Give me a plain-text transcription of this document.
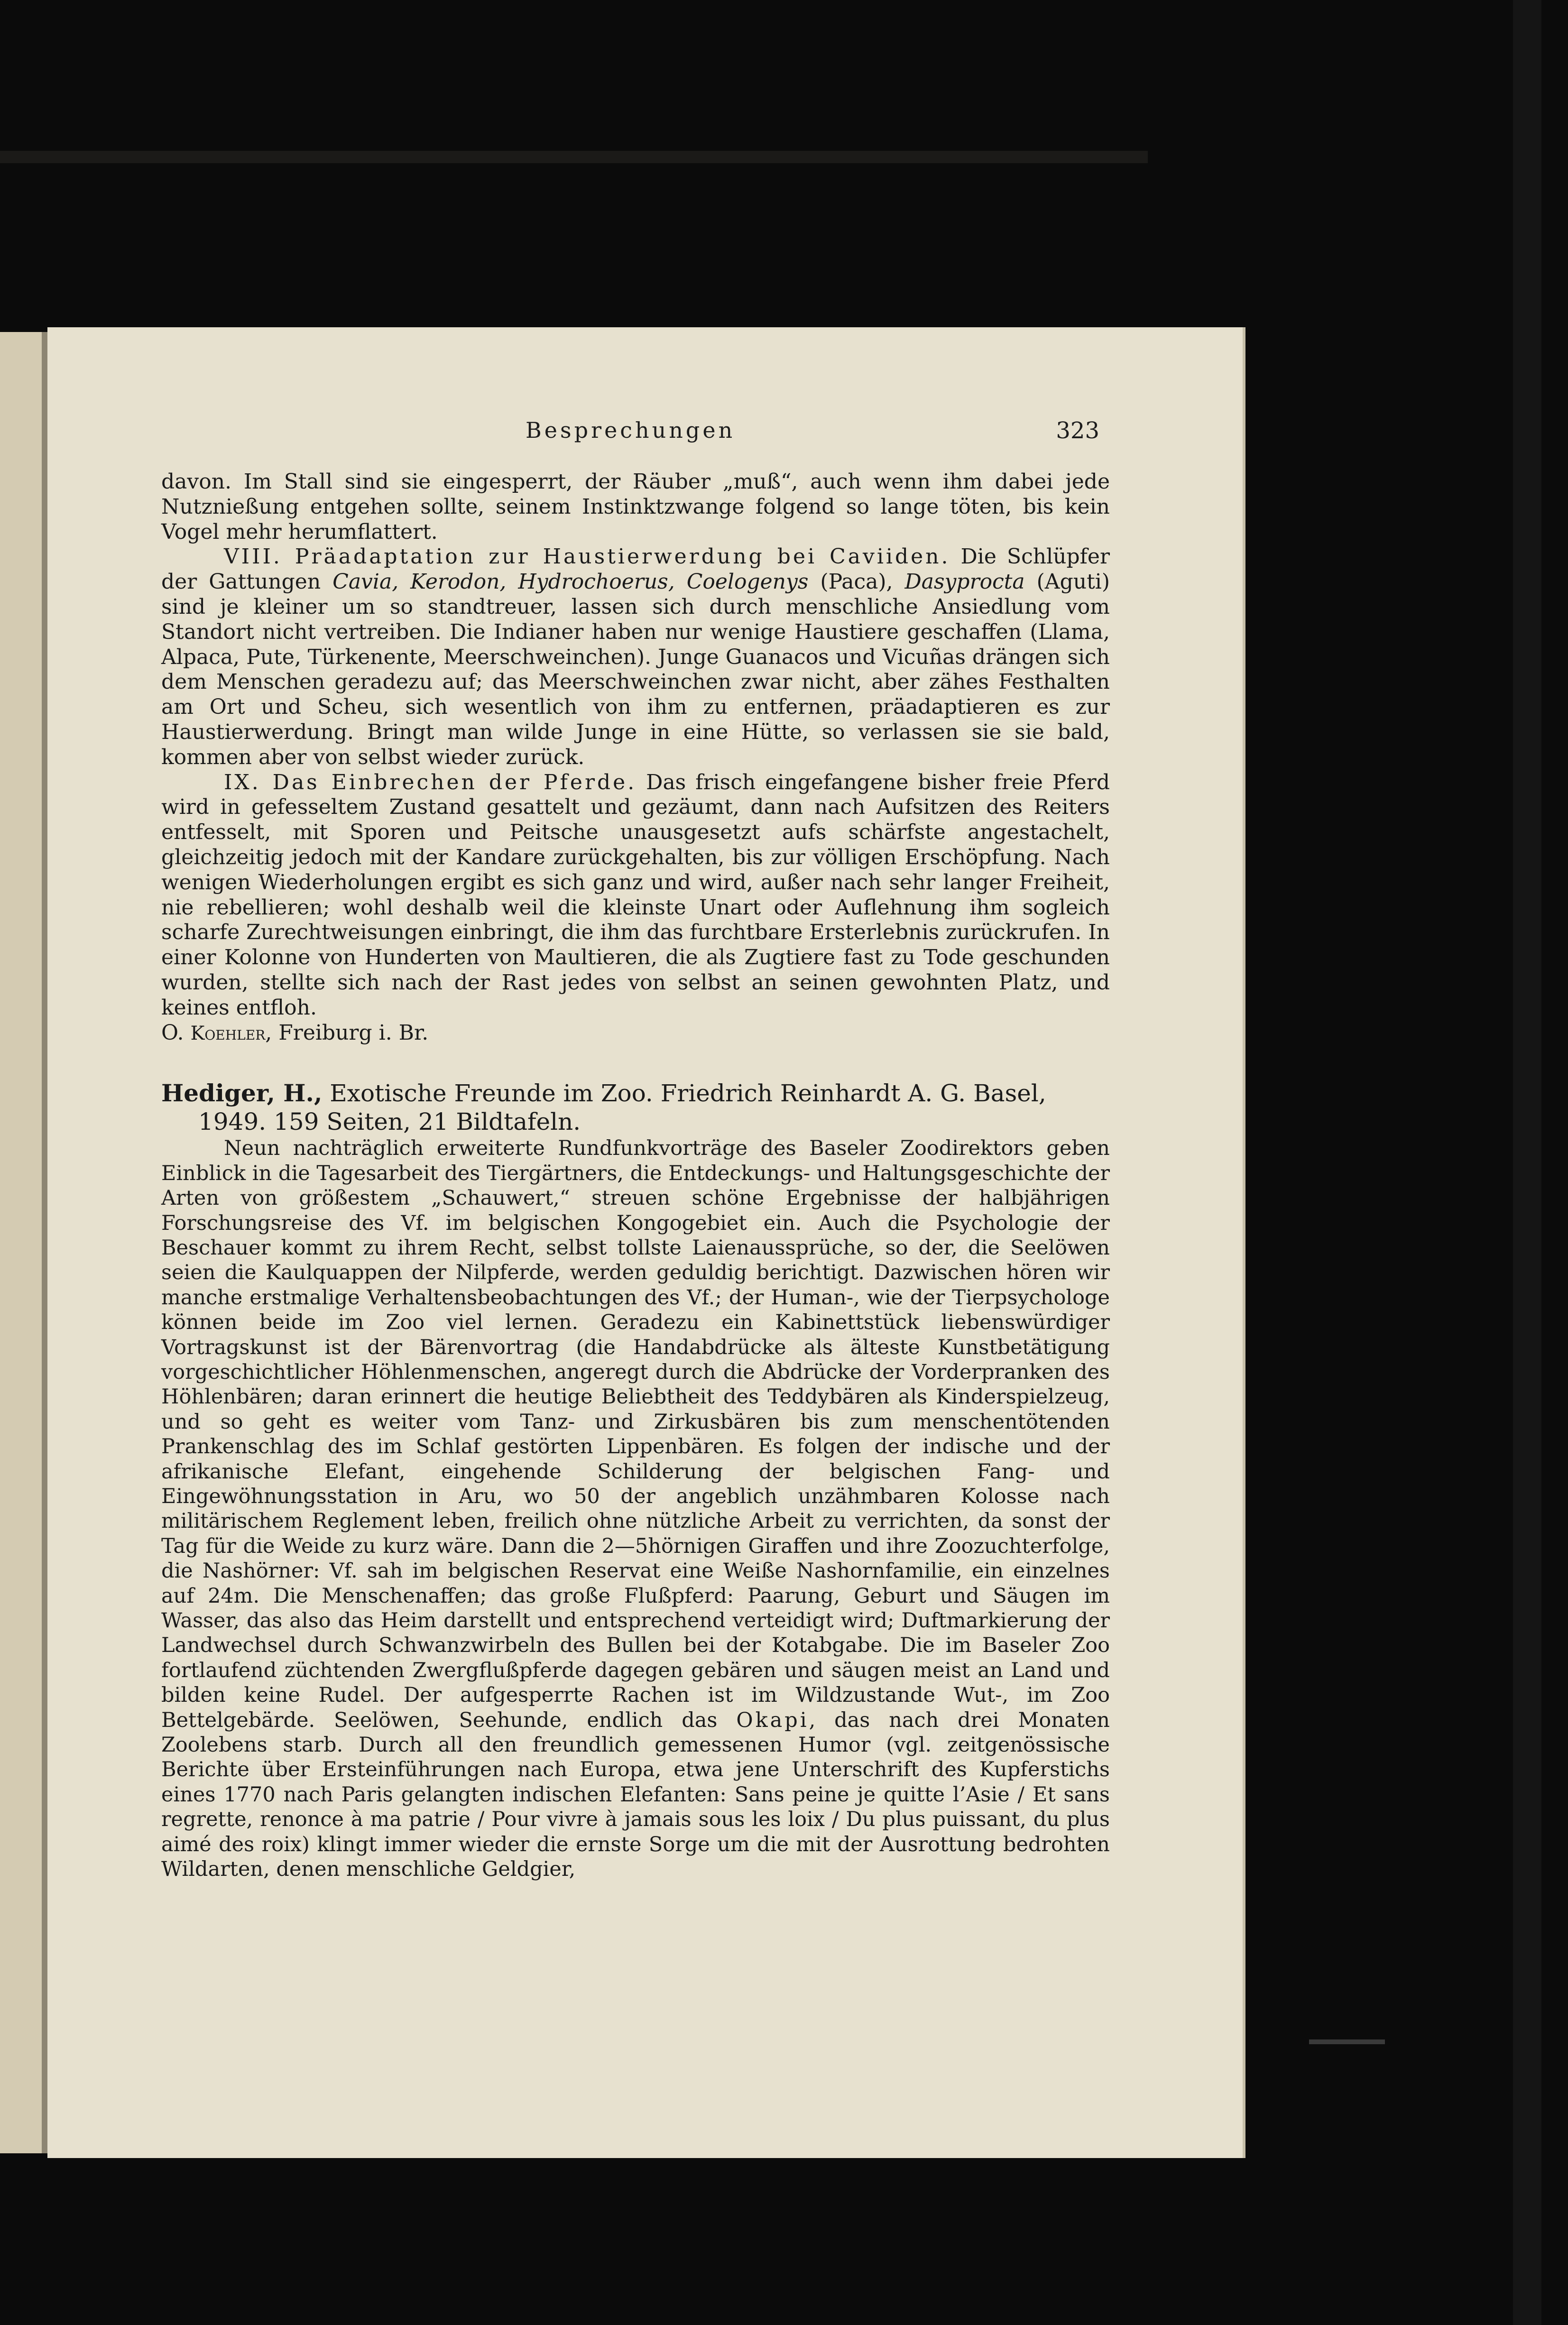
Besprechungen	323

davon. Im Stall sind sie eingesperrt, der Räuber „muß“, auch wenn ihm dabei jede Nutznießung entgehen sollte, seinem Instinktzwange folgend so lange töten, bis kein Vogel mehr herumflattert.

VIII. Präadaptation zur Haustierwerdung bei Caviiden. Die Schlüpfer der Gattungen Cavia, Kerodon, Hydrochoerus, Coelogenys (Paca), Dasyprocta (Aguti) sind je kleiner um so standtreuer, lassen sich durch menschliche Ansiedlung vom Standort nicht vertreiben. Die Indianer haben nur wenige Haustiere geschaffen (Llama, Alpaca, Pute, Türkenente, Meerschweinchen). Junge Guanacos und Vicuñas drängen sich dem Menschen geradezu auf; das Meerschweinchen zwar nicht, aber zähes Festhalten am Ort und Scheu, sich wesentlich von ihm zu entfernen, präadaptieren es zur Haustierwerdung. Bringt man wilde Junge in eine Hütte, so verlassen sie sie bald, kommen aber von selbst wieder zurück.

IX. Das Einbrechen der Pferde. Das frisch eingefangene bisher freie Pferd wird in gefesseltem Zustand gesattelt und gezäumt, dann nach Aufsitzen des Reiters entfesselt, mit Sporen und Peitsche unausgesetzt aufs schärfste angestachelt, gleichzeitig jedoch mit der Kandare zurückgehalten, bis zur völligen Erschöpfung. Nach wenigen Wiederholungen ergibt es sich ganz und wird, außer nach sehr langer Freiheit, nie rebellieren; wohl deshalb weil die kleinste Unart oder Auflehnung ihm sogleich scharfe Zurechtweisungen einbringt, die ihm das furchtbare Ersterlebnis zurückrufen. In einer Kolonne von Hunderten von Maultieren, die als Zugtiere fast zu Tode geschunden wurden, stellte sich nach der Rast jedes von selbst an seinen gewohnten Platz, und keines entfloh.

O. Koehler, Freiburg i. Br.

Hediger, H., Exotische Freunde im Zoo. Friedrich Reinhardt A. G. Basel,
1949. 159 Seiten, 21 Bildtafeln.

Neun nachträglich erweiterte Rundfunkvorträge des Baseler Zoodirektors geben Einblick in die Tagesarbeit des Tiergärtners, die Entdeckungs- und Haltungsgeschichte der Arten von größestem „Schauwert,“ streuen schöne Ergebnisse der halbjährigen Forschungsreise des Vf. im belgischen Kongogebiet ein. Auch die Psychologie der Beschauer kommt zu ihrem Recht, selbst tollste Laienaussprüche, so der, die Seelöwen seien die Kaulquappen der Nilpferde, werden geduldig berichtigt. Dazwischen hören wir manche erstmalige Verhaltensbeobachtungen des Vf.; der Human-, wie der Tierpsychologe können beide im Zoo viel lernen. Geradezu ein Kabinettstück liebenswürdiger Vortragskunst ist der Bärenvortrag (die Handabdrücke als älteste Kunstbetätigung vorgeschichtlicher Höhlenmenschen, angeregt durch die Abdrücke der Vorderpranken des Höhlenbären; daran erinnert die heutige Beliebtheit des Teddybären als Kinderspielzeug, und so geht es weiter vom Tanz- und Zirkusbären bis zum menschentötenden Prankenschlag des im Schlaf gestörten Lippenbären. Es folgen der indische und der afrikanische Elefant, eingehende Schilderung der belgischen Fang- und Eingewöhnungsstation in Aru, wo 50 der angeblich unzähmbaren Kolosse nach militärischem Reglement leben, freilich ohne nützliche Arbeit zu verrichten, da sonst der Tag für die Weide zu kurz wäre. Dann die 2—5hörnigen Giraffen und ihre Zoozuchterfolge, die Nashörner: Vf. sah im belgischen Reservat eine Weiße Nashornfamilie, ein einzelnes auf 24m. Die Menschenaffen; das große Flußpferd: Paarung, Geburt und Säugen im Wasser, das also das Heim darstellt und entsprechend verteidigt wird; Duftmarkierung der Landwechsel durch Schwanzwirbeln des Bullen bei der Kotabgabe. Die im Baseler Zoo fortlaufend züchtenden Zwergflußpferde dagegen gebären und säugen meist an Land und bilden keine Rudel. Der aufgesperrte Rachen ist im Wildzustande Wut-, im Zoo Bettelgebärde. Seelöwen, Seehunde, endlich das Okapi, das nach drei Monaten Zoolebens starb. Durch all den freundlich gemessenen Humor (vgl. zeitgenössische Berichte über Ersteinführungen nach Europa, etwa jene Unterschrift des Kupferstichs eines 1770 nach Paris gelangten indischen Elefanten: Sans peine je quitte l’Asie / Et sans regrette, renonce à ma patrie / Pour vivre à jamais sous les loix / Du plus puissant, du plus aimé des roix) klingt immer wieder die ernste Sorge um die mit der Ausrottung bedrohten Wildarten, denen menschliche Geldgier,
